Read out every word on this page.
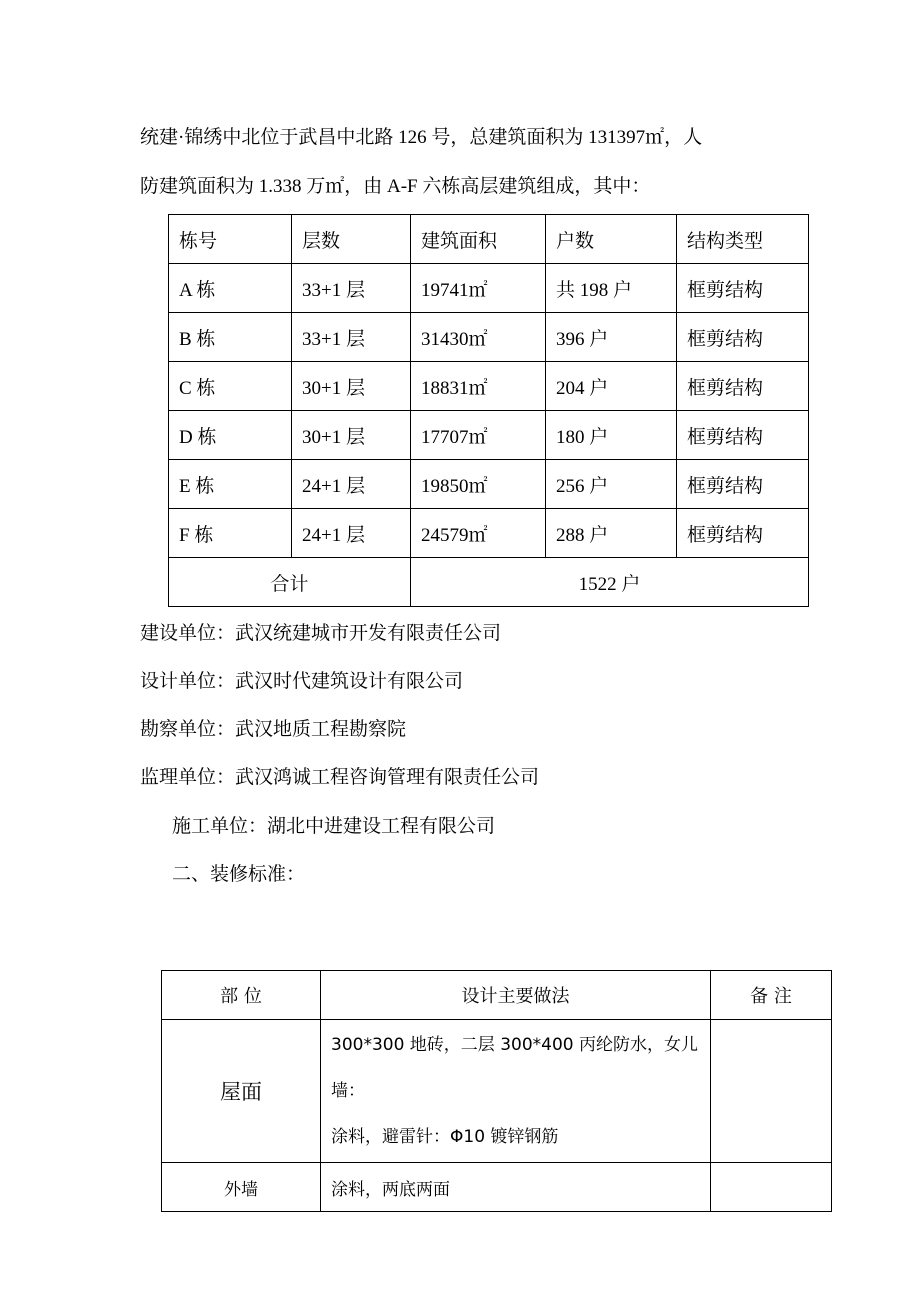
统建·锦绣中北位于武昌中北路 126 号，总建筑面积为 131397㎡，人
防建筑面积为 1.338 万㎡，由 A-F 六栋高层建筑组成，其中：
栋号	层数	建筑面积	户数	结构类型
A 栋	33+1 层	19741㎡	共 198 户	框剪结构
B 栋	33+1 层	31430㎡	396 户	框剪结构
C 栋	30+1 层	18831㎡	204 户	框剪结构
D 栋	30+1 层	17707㎡	180 户	框剪结构
E 栋	24+1 层	19850㎡	256 户	框剪结构
F 栋	24+1 层	24579㎡	288 户	框剪结构
合计		1522 户		
建设单位：武汉统建城市开发有限责任公司
设计单位：武汉时代建筑设计有限公司
勘察单位：武汉地质工程勘察院
监理单位：武汉鸿诚工程咨询管理有限责任公司
施工单位：湖北中进建设工程有限公司
二、装修标准：
部 位	设计主要做法	备 注
屋面	300*300 地砖，二层 300*400 丙纶防水，女儿墙：
涂料，避雷针：Φ10 镀锌钢筋	

外墙	涂料，两底两面	
